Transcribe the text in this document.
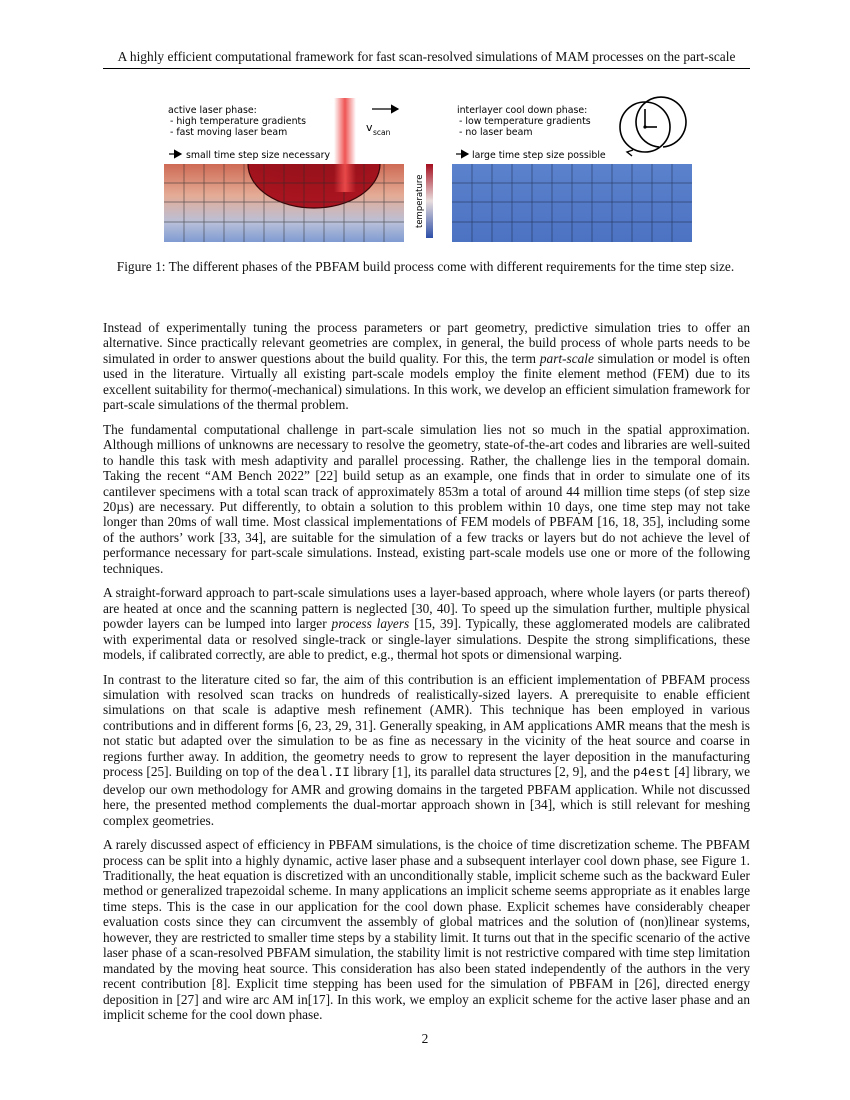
A highly efficient computational framework for fast scan-resolved simulations of MAM processes on the part-scale
active laser phase:
- high temperature gradients
- fast moving laser beam
small time step size necessary
v scan
temperature
interlayer cool down phase:
- low temperature gradients
- no laser beam
large time step size possible
Figure 1: The different phases of the PBFAM build process come with different requirements for the time step size.

Instead of experimentally tuning the process parameters or part geometry, predictive simulation tries to offer an alternative. Since practically relevant geometries are complex, in general, the build process of whole parts needs to be simulated in order to answer questions about the build quality. For this, the term part-scale simulation or model is often used in the literature. Virtually all existing part-scale models employ the finite element method (FEM) due to its excellent suitability for thermo(-mechanical) simulations. In this work, we develop an efficient simulation framework for part-scale simulations of the thermal problem.

The fundamental computational challenge in part-scale simulation lies not so much in the spatial approximation. Although millions of unknowns are necessary to resolve the geometry, state-of-the-art codes and libraries are well-suited to handle this task with mesh adaptivity and parallel processing. Rather, the challenge lies in the temporal domain. Taking the recent “AM Bench 2022” [22] build setup as an example, one finds that in order to simulate one of its cantilever specimens with a total scan track of approximately 853m a total of around 44 million time steps (of step size 20µs) are necessary. Put differently, to obtain a solution to this problem within 10 days, one time step may not take longer than 20ms of wall time. Most classical implementations of FEM models of PBFAM [16, 18, 35], including some of the authors’ work [33, 34], are suitable for the simulation of a few tracks or layers but do not achieve the level of performance necessary for part-scale simulations. Instead, existing part-scale models use one or more of the following techniques.

A straight-forward approach to part-scale simulations uses a layer-based approach, where whole layers (or parts thereof) are heated at once and the scanning pattern is neglected [30, 40]. To speed up the simulation further, multiple physical powder layers can be lumped into larger process layers [15, 39]. Typically, these agglomerated models are calibrated with experimental data or resolved single-track or single-layer simulations. Despite the strong simplifications, these models, if calibrated correctly, are able to predict, e.g., thermal hot spots or dimensional warping.

In contrast to the literature cited so far, the aim of this contribution is an efficient implementation of PBFAM process simulation with resolved scan tracks on hundreds of realistically-sized layers. A prerequisite to enable efficient simulations on that scale is adaptive mesh refinement (AMR). This technique has been employed in various contributions and in different forms [6, 23, 29, 31]. Generally speaking, in AM applications AMR means that the mesh is not static but adapted over the simulation to be as fine as necessary in the vicinity of the heat source and coarse in regions further away. In addition, the geometry needs to grow to represent the layer deposition in the manufacturing process [25]. Building on top of the deal.II library [1], its parallel data structures [2, 9], and the p4est [4] library, we develop our own methodology for AMR and growing domains in the targeted PBFAM application. While not discussed here, the presented method complements the dual-mortar approach shown in [34], which is still relevant for meshing complex geometries.

A rarely discussed aspect of efficiency in PBFAM simulations, is the choice of time discretization scheme. The PBFAM process can be split into a highly dynamic, active laser phase and a subsequent interlayer cool down phase, see Figure 1. Traditionally, the heat equation is discretized with an unconditionally stable, implicit scheme such as the backward Euler method or generalized trapezoidal scheme. In many applications an implicit scheme seems appropriate as it enables large time steps. This is the case in our application for the cool down phase. Explicit schemes have considerably cheaper evaluation costs since they can circumvent the assembly of global matrices and the solution of (non)linear systems, however, they are restricted to smaller time steps by a stability limit. It turns out that in the specific scenario of the active laser phase of a scan-resolved PBFAM simulation, the stability limit is not restrictive compared with time step limitation mandated by the moving heat source. This consideration has also been stated independently of the authors in the very recent contribution [8]. Explicit time stepping has been used for the simulation of PBFAM in [26], directed energy deposition in [27] and wire arc AM in[17]. In this work, we employ an explicit scheme for the active laser phase and an implicit scheme for the cool down phase.

2
